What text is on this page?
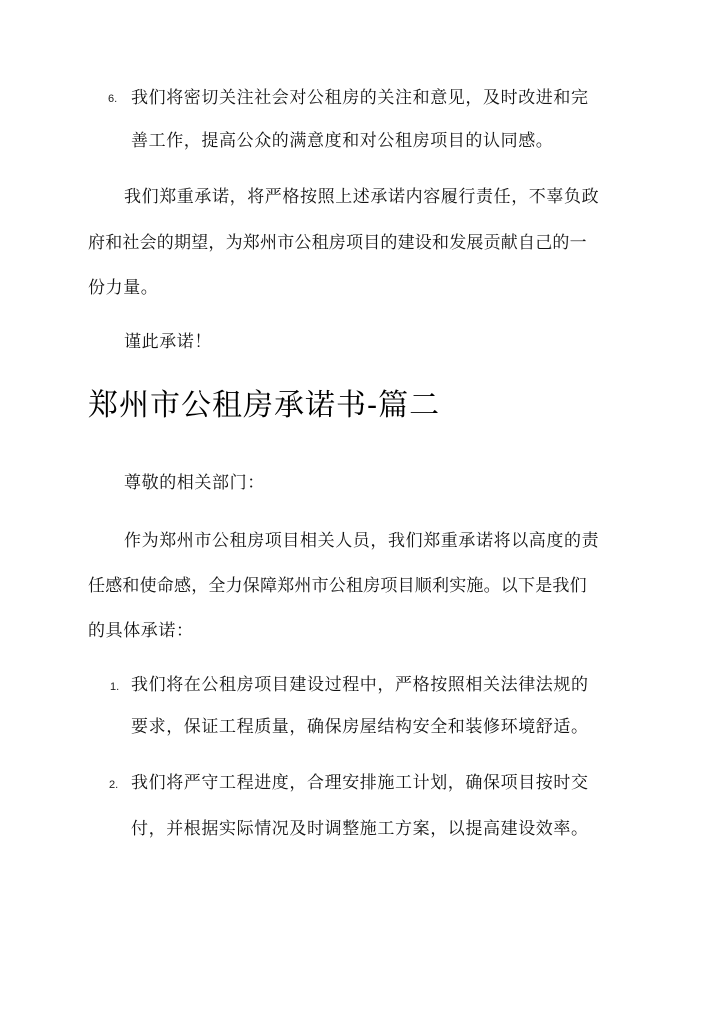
6. 我们将密切关注社会对公租房的关注和意见，及时改进和完
善工作，提高公众的满意度和对公租房项目的认同感。
我们郑重承诺，将严格按照上述承诺内容履行责任，不辜负政
府和社会的期望，为郑州市公租房项目的建设和发展贡献自己的一
份力量。
谨此承诺！
郑州市公租房承诺书-篇二
尊敬的相关部门：
作为郑州市公租房项目相关人员，我们郑重承诺将以高度的责
任感和使命感，全力保障郑州市公租房项目顺利实施。以下是我们
的具体承诺：
1. 我们将在公租房项目建设过程中，严格按照相关法律法规的
要求，保证工程质量，确保房屋结构安全和装修环境舒适。
2. 我们将严守工程进度，合理安排施工计划，确保项目按时交
付，并根据实际情况及时调整施工方案，以提高建设效率。
